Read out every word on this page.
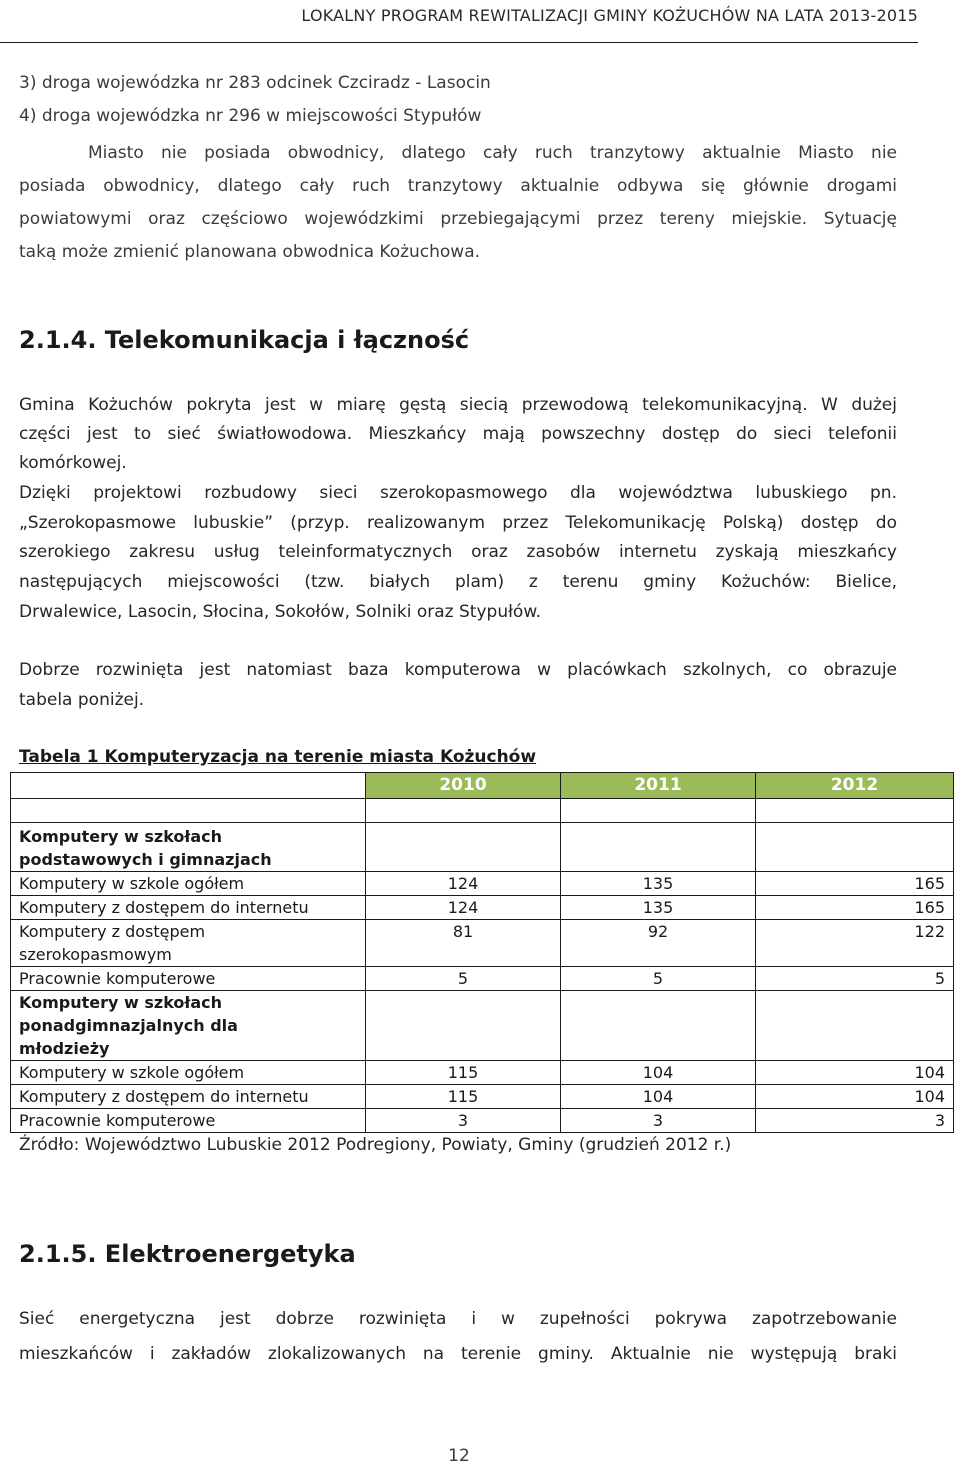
LOKALNY PROGRAM REWITALIZACJI GMINY KOŻUCHÓW NA LATA 2013-2015
3) droga wojewódzka nr 283 odcinek Czciradz - Lasocin
4) droga wojewódzka nr 296 w miejscowości Stypułów
Miasto nie posiada obwodnicy, dlatego cały ruch tranzytowy aktualnie Miasto nie
posiada obwodnicy, dlatego cały ruch tranzytowy aktualnie odbywa się głównie drogami
powiatowymi oraz częściowo wojewódzkimi przebiegającymi przez tereny miejskie. Sytuację
taką może zmienić planowana obwodnica Kożuchowa.
2.1.4. Telekomunikacja i łączność
Gmina Kożuchów pokryta jest w miarę gęstą siecią przewodową telekomunikacyjną. W dużej
części jest to sieć światłowodowa. Mieszkańcy mają powszechny dostęp do sieci telefonii
komórkowej.
Dzięki projektowi rozbudowy sieci szerokopasmowego dla województwa lubuskiego pn.
„Szerokopasmowe lubuskie” (przyp. realizowanym przez Telekomunikację Polską) dostęp do
szerokiego zakresu usług teleinformatycznych oraz zasobów internetu zyskają mieszkańcy
następujących miejscowości (tzw. białych plam) z terenu gminy Kożuchów: Bielice,
Drwalewice, Lasocin, Słocina, Sokołów, Solniki oraz Stypułów.
Dobrze rozwinięta jest natomiast baza komputerowa w placówkach szkolnych, co obrazuje
tabela poniżej.
Tabela 1 Komputeryzacja na terenie miasta Kożuchów
	2010	2011	2012

Komputery w szkołach podstawowych i gimnazjach			
Komputery w szkole ogółem	124	135	165
Komputery z dostępem do internetu	124	135	165
Komputery z dostępem szerokopasmowym	81	92	122
Pracownie komputerowe	5	5	5
Komputery w szkołach ponadgimnazjalnych dla młodzieży			
Komputery w szkole ogółem	115	104	104
Komputery z dostępem do internetu	115	104	104
Pracownie komputerowe	3	3	3
Źródło: Województwo Lubuskie 2012 Podregiony, Powiaty, Gminy (grudzień 2012 r.)
2.1.5. Elektroenergetyka
Sieć energetyczna jest dobrze rozwinięta i w zupełności pokrywa zapotrzebowanie
mieszkańców i zakładów zlokalizowanych na terenie gminy. Aktualnie nie występują braki
12
